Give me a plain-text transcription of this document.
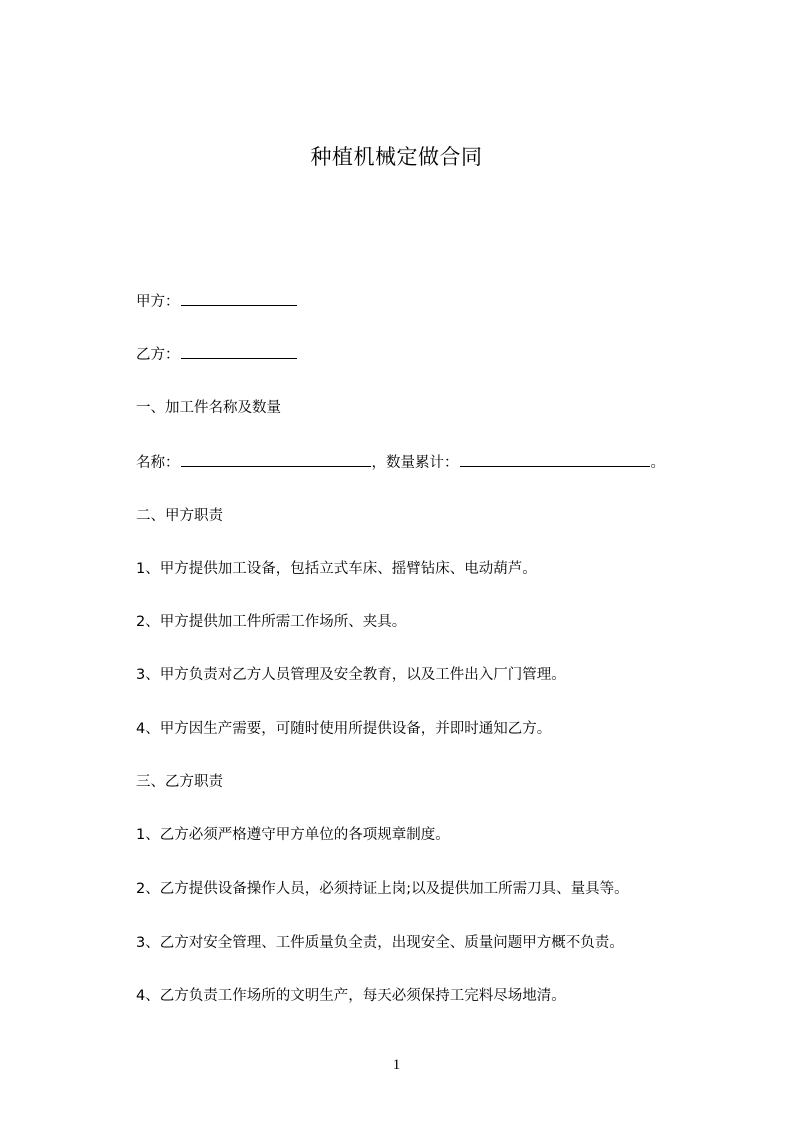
种植机械定做合同
甲方：
乙方：
一、加工件名称及数量
名称：	，数量累计：	。
二、甲方职责
1、甲方提供加工设备，包括立式车床、摇臂钻床、电动葫芦。
2、甲方提供加工件所需工作场所、夹具。
3、甲方负责对乙方人员管理及安全教育，以及工件出入厂门管理。
4、甲方因生产需要，可随时使用所提供设备，并即时通知乙方。
三、乙方职责
1、乙方必须严格遵守甲方单位的各项规章制度。
2、乙方提供设备操作人员，必须持证上岗;以及提供加工所需刀具、量具等。
3、乙方对安全管理、工件质量负全责，出现安全、质量问题甲方概不负责。
4、乙方负责工作场所的文明生产，每天必须保持工完料尽场地清。
1
